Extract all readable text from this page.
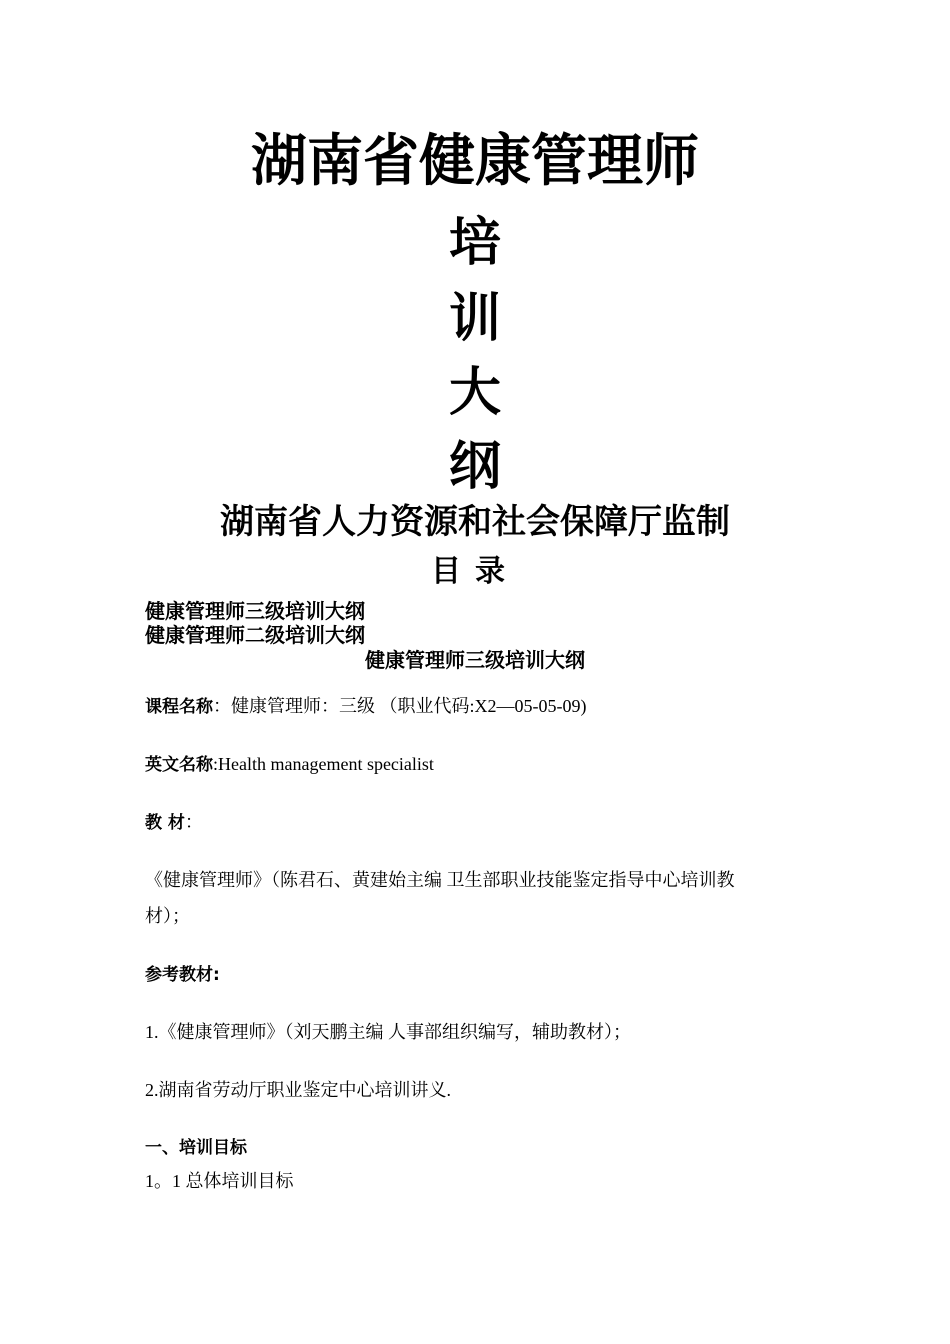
湖南省健康管理师
培
训
大
纲
湖南省人力资源和社会保障厅监制
目录
健康管理师三级培训大纲
健康管理师二级培训大纲
健康管理师三级培训大纲
课程名称：健康管理师：三级 （职业代码:X2—05-05-09)
英文名称:Health management specialist
教 材：
《健康管理师》（陈君石、黄建始主编 卫生部职业技能鉴定指导中心培训教
材）；
参考教材:
1.《健康管理师》（刘天鹏主编 人事部组织编写，辅助教材）；
2.湖南省劳动厅职业鉴定中心培训讲义.
一、培训目标
1。1 总体培训目标
